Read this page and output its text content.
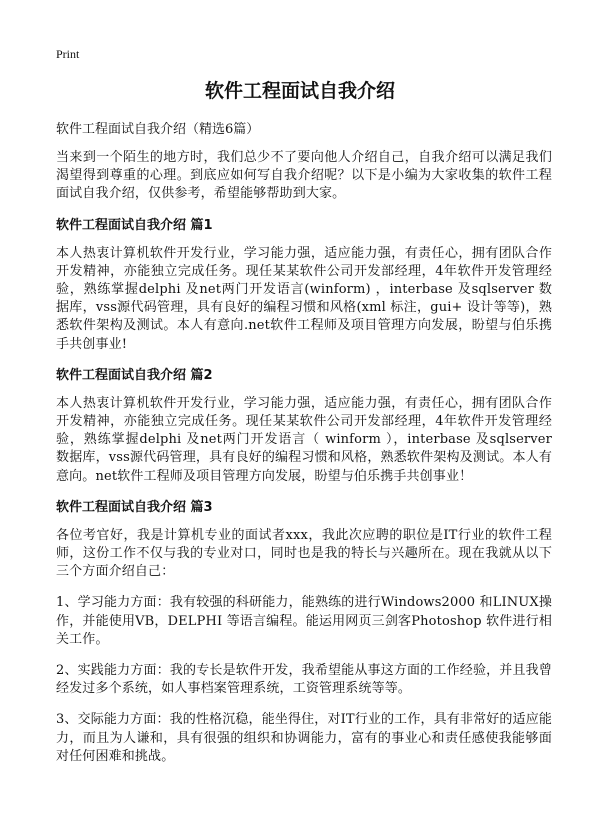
Print
软件工程面试自我介绍
软件工程面试自我介绍（精选6篇）

当来到一个陌生的地方时，我们总少不了要向他人介绍自己，自我介绍可以满足我们渴望得到尊重的心理。到底应如何写自我介绍呢？以下是小编为大家收集的软件工程面试自我介绍，仅供参考，希望能够帮助到大家。

软件工程面试自我介绍 篇1

本人热衷计算机软件开发行业，学习能力强，适应能力强，有责任心，拥有团队合作开发精神，亦能独立完成任务。现任某某软件公司开发部经理，4年软件开发管理经验，熟练掌握delphi 及net两门开发语言(winform) ，interbase 及sqlserver 数据库，vss源代码管理，具有良好的编程习惯和风格(xml 标注，gui+ 设计等等)，熟悉软件架构及测试。本人有意向.net软件工程师及项目管理方向发展，盼望与伯乐携手共创事业!

软件工程面试自我介绍 篇2

本人热衷计算机软件开发行业，学习能力强，适应能力强，有责任心，拥有团队合作开发精神，亦能独立完成任务。现任某某软件公司开发部经理，4年软件开发管理经验，熟练掌握delphi 及net两门开发语言（ winform ），interbase 及sqlserver 数据库，vss源代码管理，具有良好的编程习惯和风格，熟悉软件架构及测试。本人有意向。net软件工程师及项目管理方向发展，盼望与伯乐携手共创事业！

软件工程面试自我介绍 篇3

各位考官好，我是计算机专业的面试者xxx，我此次应聘的职位是IT行业的软件工程师，这份工作不仅与我的专业对口，同时也是我的特长与兴趣所在。现在我就从以下三个方面介绍自己：

1、学习能力方面：我有较强的科研能力，能熟练的进行Windows2000 和LINUX操作，并能使用VB，DELPHI 等语言编程。能运用网页三剑客Photoshop 软件进行相关工作。

2、实践能力方面：我的专长是软件开发，我希望能从事这方面的工作经验，并且我曾经发过多个系统，如人事档案管理系统，工资管理系统等等。

3、交际能力方面：我的性格沉稳，能坐得住，对IT行业的工作，具有非常好的适应能力，而且为人谦和，具有很强的组织和协调能力，富有的事业心和责任感使我能够面对任何困难和挑战。
